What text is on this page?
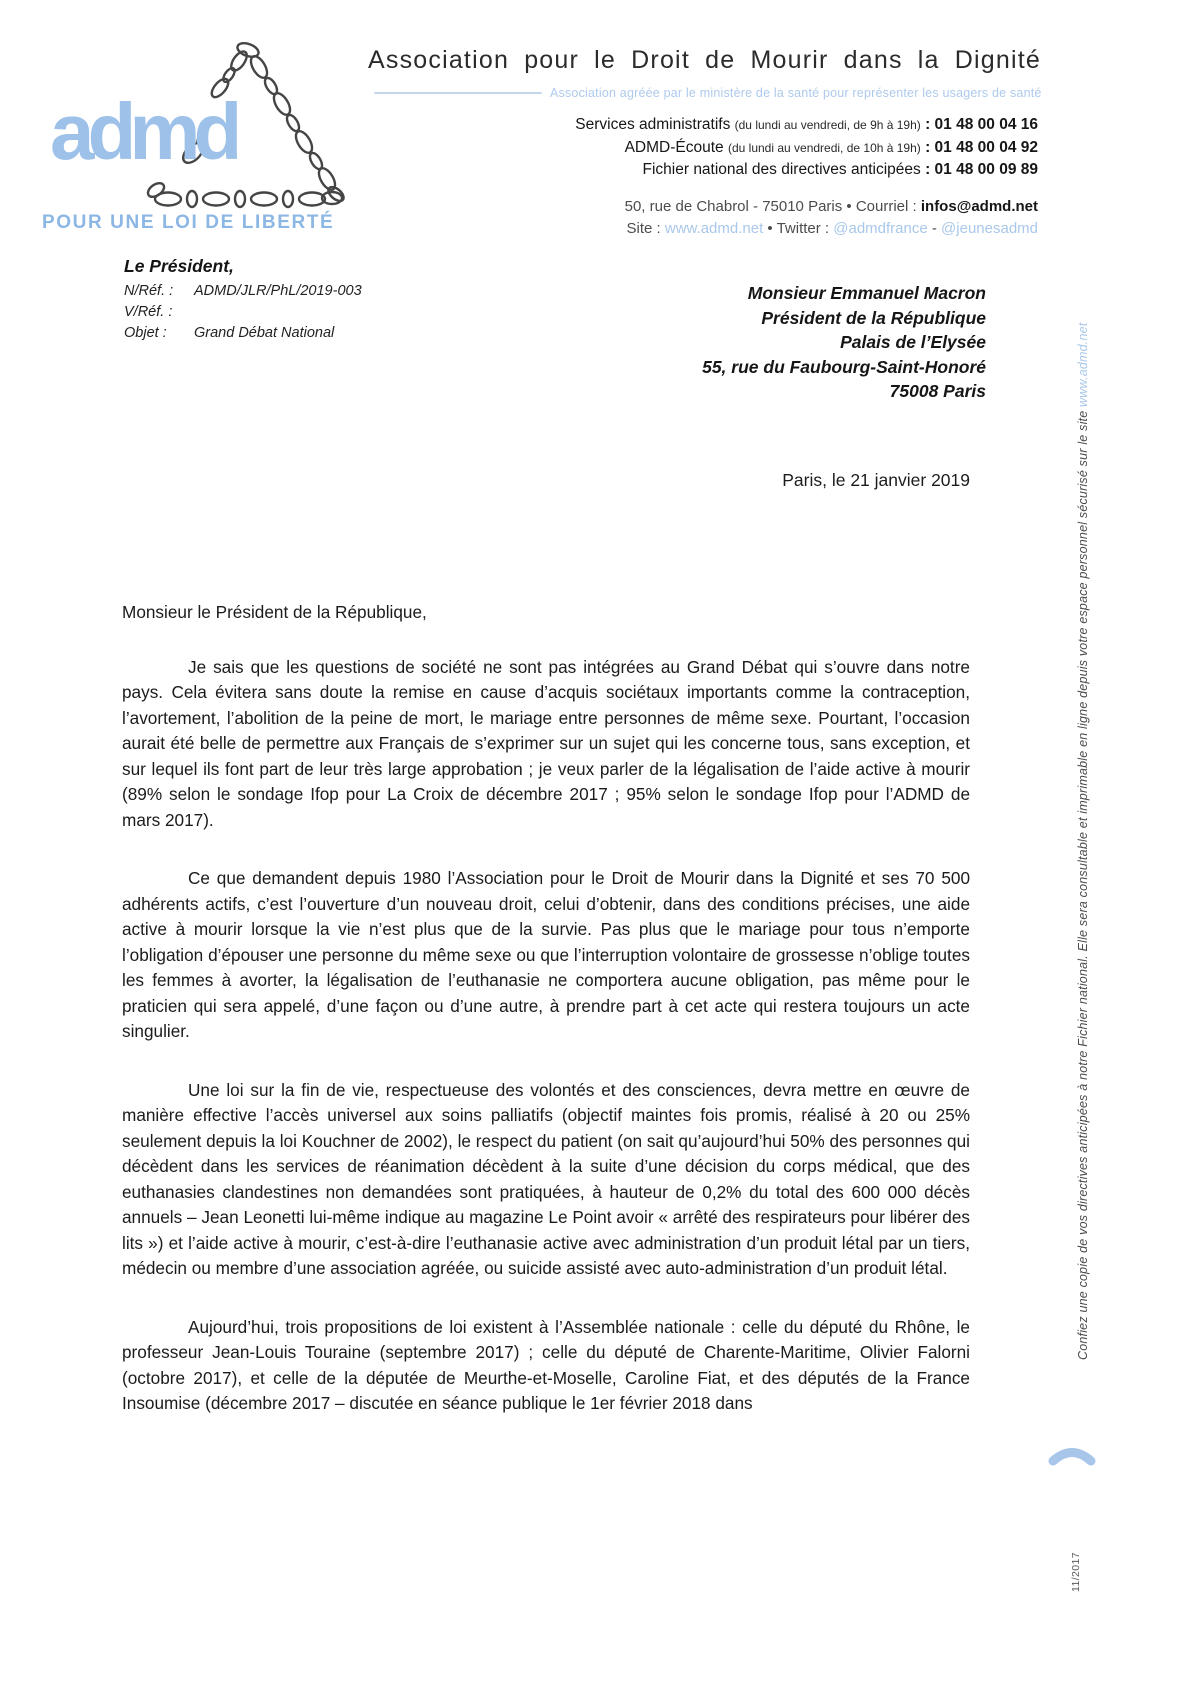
admd
POUR UNE LOI DE LIBERTÉ
Association pour le Droit de Mourir dans la Dignité
Association agréée par le ministère de la santé pour représenter les usagers de santé
Services administratifs (du lundi au vendredi, de 9h à 19h) : 01 48 00 04 16
ADMD-Écoute (du lundi au vendredi, de 10h à 19h) : 01 48 00 04 92
Fichier national des directives anticipées : 01 48 00 09 89
50, rue de Chabrol - 75010 Paris • Courriel : infos@admd.net
Site : www.admd.net • Twitter : @admdfrance - @jeunesadmd
Le Président,
N/Réf. :	ADMD/JLR/PhL/2019-003
V/Réf. :
Objet :	Grand Débat National
Monsieur Emmanuel Macron
Président de la République
Palais de l’Elysée
55, rue du Faubourg-Saint-Honoré
75008 Paris
Paris, le 21 janvier 2019

Monsieur le Président de la République,

Je sais que les questions de société ne sont pas intégrées au Grand Débat qui s’ouvre dans notre pays. Cela évitera sans doute la remise en cause d’acquis sociétaux importants comme la contraception, l’avortement, l’abolition de la peine de mort, le mariage entre personnes de même sexe. Pourtant, l’occasion aurait été belle de permettre aux Français de s’exprimer sur un sujet qui les concerne tous, sans exception, et sur lequel ils font part de leur très large approbation ; je veux parler de la légalisation de l’aide active à mourir (89% selon le sondage Ifop pour La Croix de décembre 2017 ; 95% selon le sondage Ifop pour l’ADMD de mars 2017).

Ce que demandent depuis 1980 l’Association pour le Droit de Mourir dans la Dignité et ses 70 500 adhérents actifs, c’est l’ouverture d’un nouveau droit, celui d’obtenir, dans des conditions précises, une aide active à mourir lorsque la vie n’est plus que de la survie. Pas plus que le mariage pour tous n’emporte l’obligation d’épouser une personne du même sexe ou que l’interruption volontaire de grossesse n’oblige toutes les femmes à avorter, la légalisation de l’euthanasie ne comportera aucune obligation, pas même pour le praticien qui sera appelé, d’une façon ou d’une autre, à prendre part à cet acte qui restera toujours un acte singulier.

Une loi sur la fin de vie, respectueuse des volontés et des consciences, devra mettre en œuvre de manière effective l’accès universel aux soins palliatifs (objectif maintes fois promis, réalisé à 20 ou 25% seulement depuis la loi Kouchner de 2002), le respect du patient (on sait qu’aujourd’hui 50% des personnes qui décèdent dans les services de réanimation décèdent à la suite d’une décision du corps médical, que des euthanasies clandestines non demandées sont pratiquées, à hauteur de 0,2% du total des 600 000 décès annuels – Jean Leonetti lui-même indique au magazine Le Point avoir « arrêté des respirateurs pour libérer des lits ») et l’aide active à mourir, c’est-à-dire l’euthanasie active avec administration d’un produit létal par un tiers, médecin ou membre d’une association agréée, ou suicide assisté avec auto-administration d’un produit létal.

Aujourd’hui, trois propositions de loi existent à l’Assemblée nationale : celle du député du Rhône, le professeur Jean-Louis Touraine (septembre 2017) ; celle du député de Charente-Maritime, Olivier Falorni (octobre 2017), et celle de la députée de Meurthe-et-Moselle, Caroline Fiat, et des députés de la France Insoumise (décembre 2017 – discutée en séance publique le 1er février 2018 dans

Confiez une copie de vos directives anticipées à notre Fichier national. Elle sera consultable et imprimable en ligne depuis votre espace personnel sécurisé sur le site www.admd.net
11/2017
